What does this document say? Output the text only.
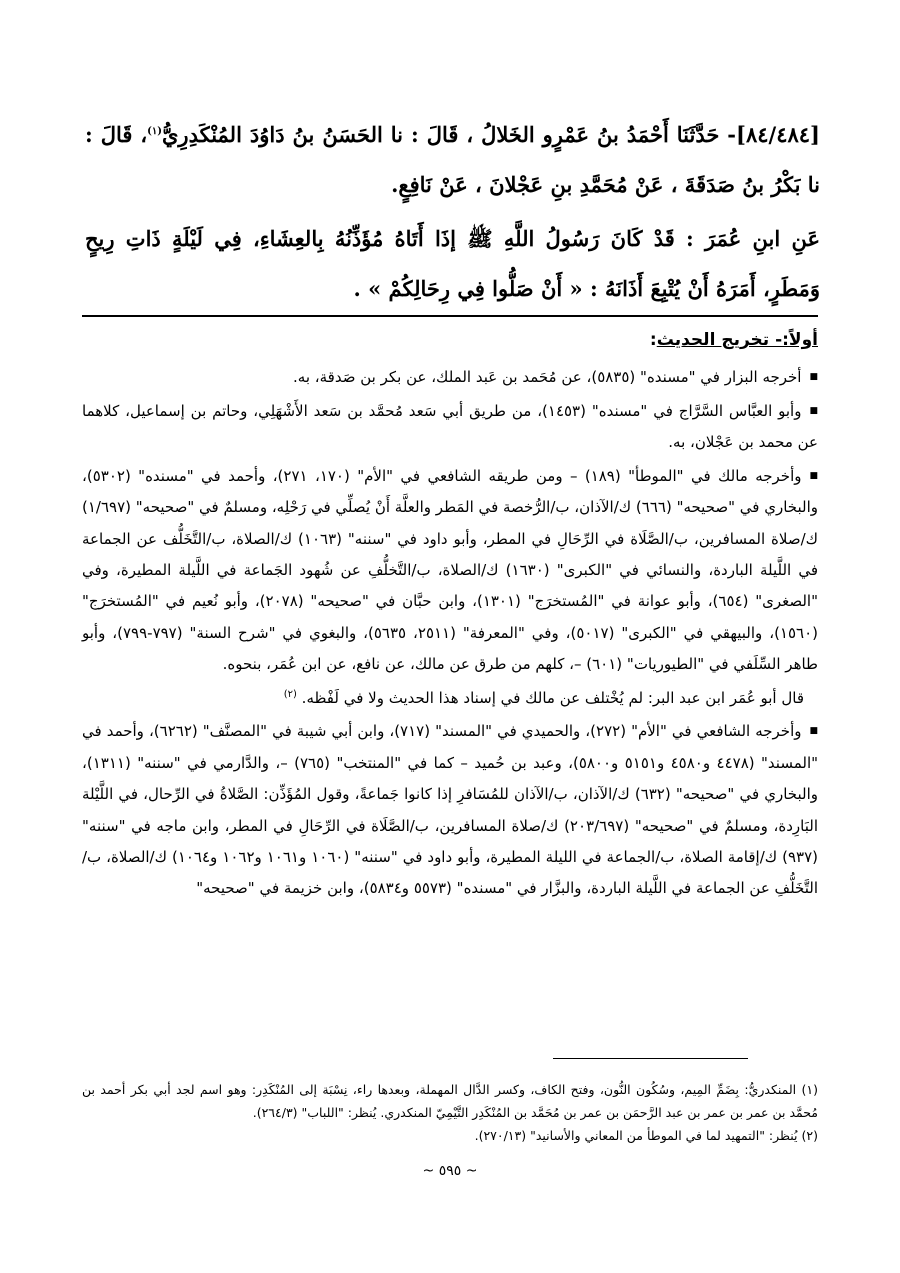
[٨٤/٤٨٤]- حَدَّثَنَا أَحْمَدُ بنُ عَمْرٍو الخَلالُ ، قَالَ : نا الحَسَنُ بنُ دَاوُدَ المُنْكَدِرِيُّ$^{(١)}$، قَالَ : نا بَكْرُ بنُ صَدَقَةَ ، عَنْ مُحَمَّدِ بنِ عَجْلانَ ، عَنْ نَافِعٍ.

عَنِ ابنِ عُمَرَ : قَدْ كَانَ رَسُولُ اللَّهِ ﷺ إذَا أَتَاهُ مُؤَذِّنُهُ بِالعِشَاءِ، فِي لَيْلَةٍ ذَاتِ رِيحٍ وَمَطَرٍ، أَمَرَهُ أَنْ يُتْبِعَ أَذَانَهُ : « أَنْ صَلُّوا فِي رِحَالِكُمْ » .

أولاً:- تخريج الحديث:

■أخرجه البزار في "مسنده" (٥٨٣٥)، عن مُحَمد بن عَبد الملك، عن بكر بن صَدقة، به.

■وأبو العبَّاس السَّرَّاج في "مسنده" (١٤٥٣)، من طريق أبي سَعد مُحمَّد بن سَعد الأَشْهَلِي، وحاتم بن إسماعيل، كلاهما عن محمد بن عَجْلان، به.

■وأخرجه مالك في "الموطأ" (١٨٩) – ومن طريقه الشافعي في "الأم" (١٧٠، ٢٧١)، وأحمد في "مسنده" (٥٣٠٢)، والبخاري في "صحيحه" (٦٦٦) ك/الآذان، ب/الرُّخصة في المَطر والعلَّة أَنْ يُصلِّي في رَحْلِه، ومسلمٌ في "صحيحه" (١/٦٩٧) ك/صلاة المسافرين، ب/الصَّلَاة في الرِّحَالِ في المطر، وأبو داود في "سننه" (١٠٦٣) ك/الصلاة، ب/التَّخَلُّف عن الجماعة في اللَّيلة الباردة، والنسائي في "الكبرى" (١٦٣٠) ك/الصلاة، ب/التَّخلُّفِ عن شُهود الجَماعة في اللَّيلة المطيرة، وفي "الصغرى" (٦٥٤)، وأبو عوانة في "المُستخرَج" (١٣٠١)، وابن حبَّان في "صحيحه" (٢٠٧٨)، وأبو نُعيم في "المُستخرَج" (١٥٦٠)، والبيهقي في "الكبرى" (٥٠١٧)، وفي "المعرفة" (٢٥١١، ٥٦٣٥)، والبغوي في "شرح السنة" (٧٩٧-٧٩٩)، وأبو طاهر السِّلَفي في "الطيوريات" (٦٠١) –، كلهم من طرق عن مالك، عن نافع، عن ابن عُمَر، بنحوه.

قال أبو عُمَر ابن عبد البر: لم يُخْتلف عن مالك في إسناد هذا الحديث ولا في لَفْظه. $^{(٢)}$

■وأخرجه الشافعي في "الأم" (٢٧٢)، والحميدي في "المسند" (٧١٧)، وابن أبي شيبة في "المصنَّف" (٦٢٦٢)، وأحمد في "المسند" (٤٤٧٨ و٤٥٨٠ و٥١٥١ و٥٨٠٠)، وعبد بن حُميد – كما في "المنتخب" (٧٦٥) –، والدَّارمي في "سننه" (١٣١١)، والبخاري في "صحيحه" (٦٣٢) ك/الآذان، ب/الآذان للمُسَافرِ إذا كانوا جَماعةً، وقول المُؤَذِّن: الصَّلاةُ في الرِّحال، في اللَّيْلة البَارِدة، ومسلمٌ في "صحيحه" (٢٠٣/٦٩٧) ك/صلاة المسافرين، ب/الصَّلَاة في الرِّحَالِ في المطر، وابن ماجه في "سننه" (٩٣٧) ك/إقامة الصلاة، ب/الجماعة في الليلة المطيرة، وأبو داود في "سننه" (١٠٦٠ و١٠٦١ و١٠٦٢ و١٠٦٤) ك/الصلاة، ب/التَّخَلُّفِ عن الجماعة في اللَّيلة الباردة، والبزَّار في "مسنده" (٥٥٧٣ و٥٨٣٤)، وابن خزيمة في "صحيحه"

(١) المنكدريُّ: بِضَمِّ المِيم، وسُكُون النُّون، وفتح الكاف، وكسر الدَّال المهملة، وبعدها راء، نِسْبَة إلى المُنْكَدِر: وهو اسم لجد أبي بكر أحمد بن مُحمَّد بن عمر بن عمر بن عبد الرَّحمَن بن عمر بن مُحَمَّد بن المُنْكَدِر التَّيْمِيّ المنكدري. يُنظر: "اللباب" (٢٦٤/٣).

(٢) يُنظر: "التمهيد لما في الموطأ من المعاني والأسانيد" (٢٧٠/١٣).

~ ٥٩٥ ~
